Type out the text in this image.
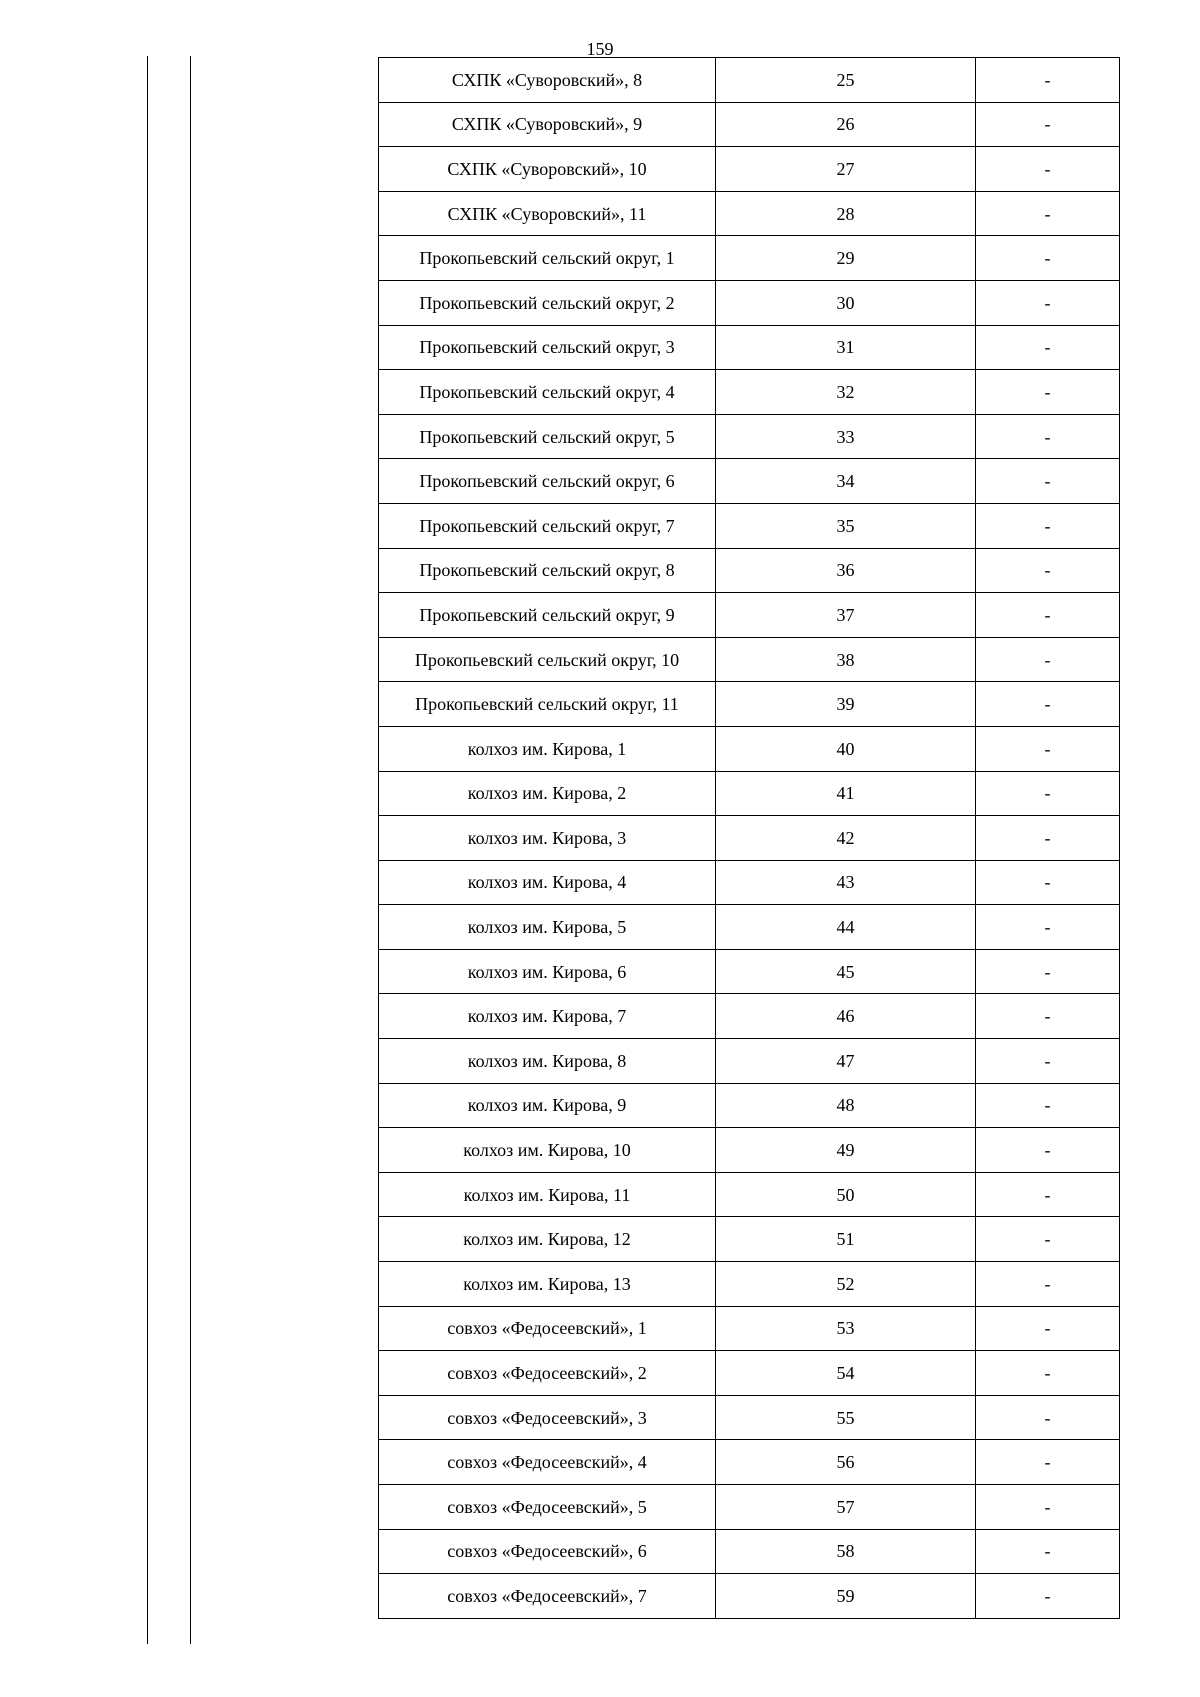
159
СХПК «Суворовский», 8	25	-
СХПК «Суворовский», 9	26	-
СХПК «Суворовский», 10	27	-
СХПК «Суворовский», 11	28	-
Прокопьевский сельский округ, 1	29	-
Прокопьевский сельский округ, 2	30	-
Прокопьевский сельский округ, 3	31	-
Прокопьевский сельский округ, 4	32	-
Прокопьевский сельский округ, 5	33	-
Прокопьевский сельский округ, 6	34	-
Прокопьевский сельский округ, 7	35	-
Прокопьевский сельский округ, 8	36	-
Прокопьевский сельский округ, 9	37	-
Прокопьевский сельский округ, 10	38	-
Прокопьевский сельский округ, 11	39	-
колхоз им. Кирова, 1	40	-
колхоз им. Кирова, 2	41	-
колхоз им. Кирова, 3	42	-
колхоз им. Кирова, 4	43	-
колхоз им. Кирова, 5	44	-
колхоз им. Кирова, 6	45	-
колхоз им. Кирова, 7	46	-
колхоз им. Кирова, 8	47	-
колхоз им. Кирова, 9	48	-
колхоз им. Кирова, 10	49	-
колхоз им. Кирова, 11	50	-
колхоз им. Кирова, 12	51	-
колхоз им. Кирова, 13	52	-
совхоз «Федосеевский», 1	53	-
совхоз «Федосеевский», 2	54	-
совхоз «Федосеевский», 3	55	-
совхоз «Федосеевский», 4	56	-
совхоз «Федосеевский», 5	57	-
совхоз «Федосеевский», 6	58	-
совхоз «Федосеевский», 7	59	-
